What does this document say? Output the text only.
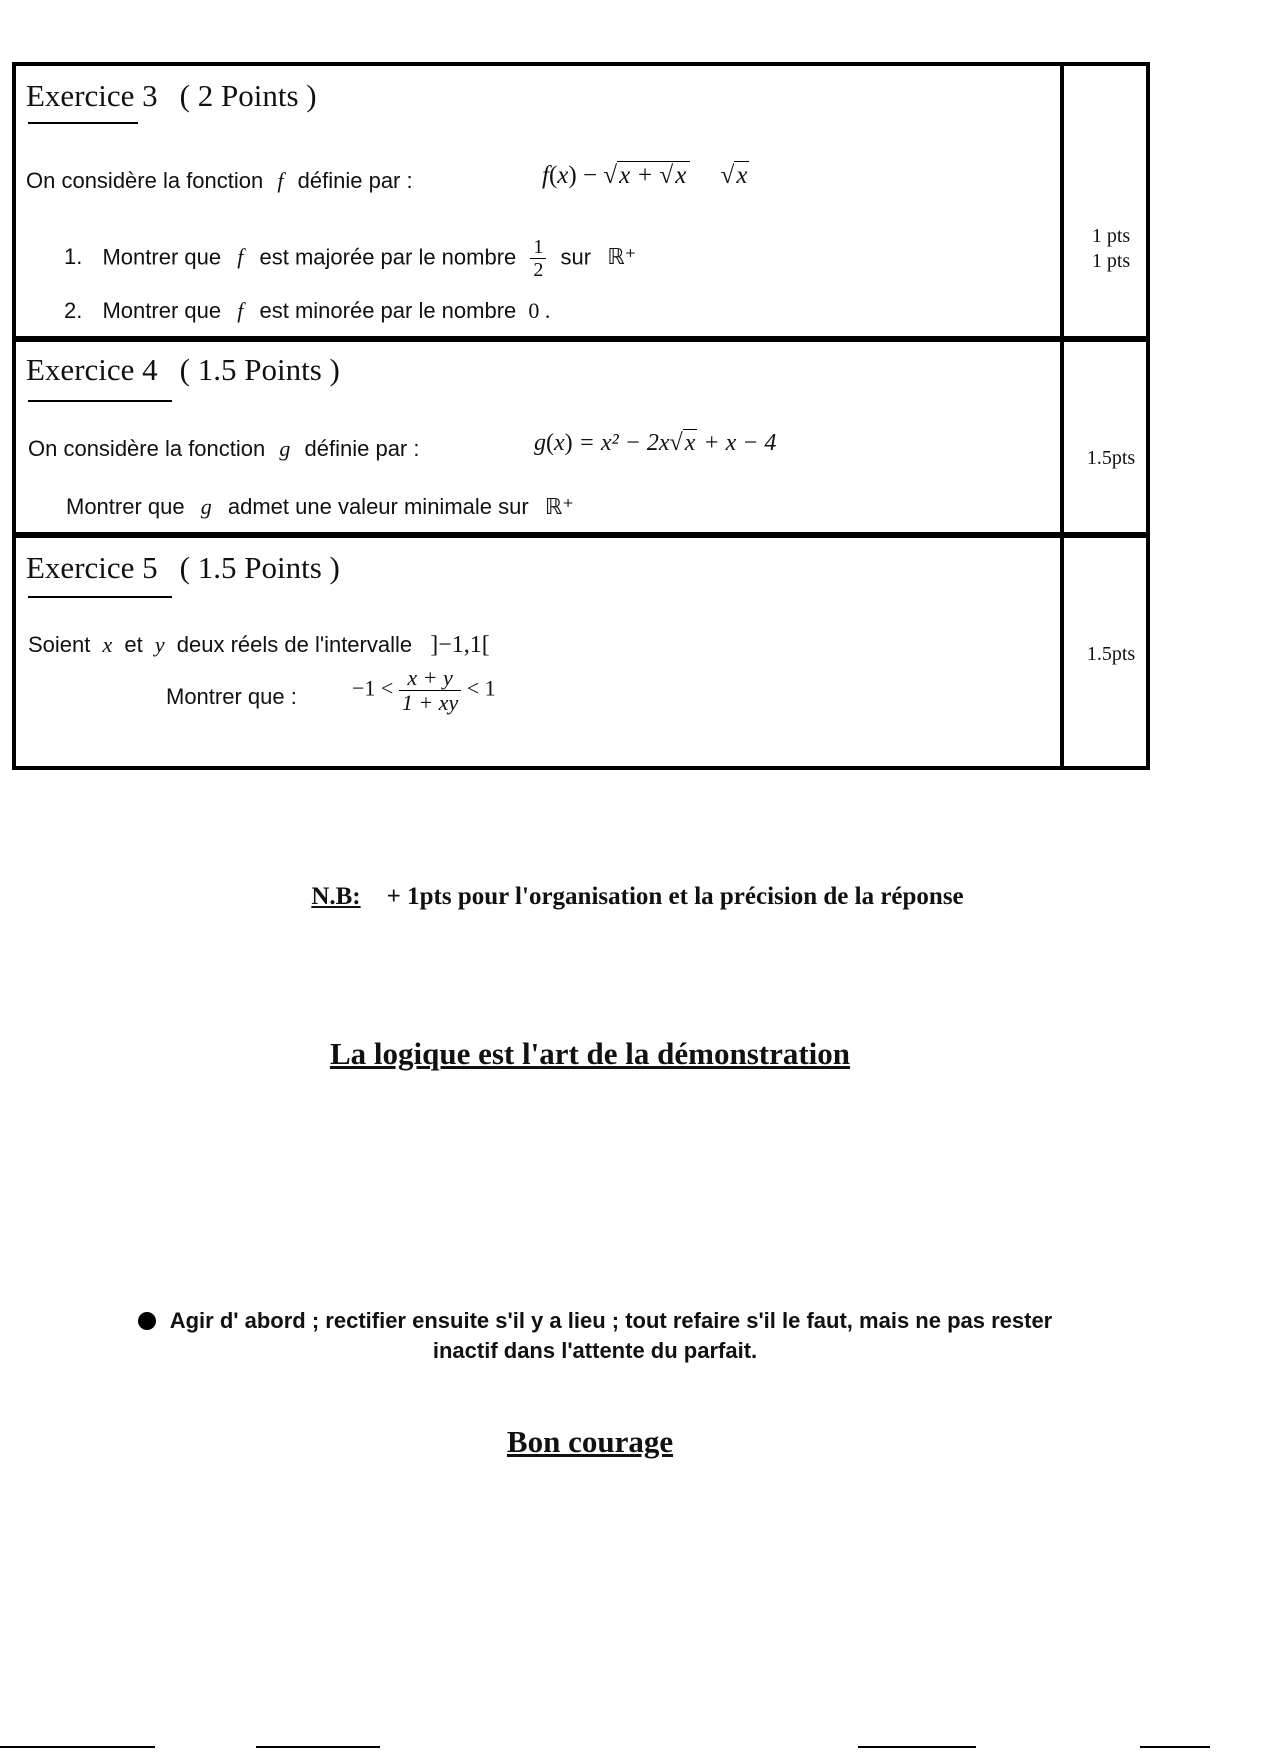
Exercice 3 ( 2 Points )
On considère la fonction f définie par :	f(x) − √x + √x √x
1. Montrer que f est majorée par le nombre $\frac{1}{2}$ sur ℝ⁺
2. Montrer que f est minorée par le nombre 0 .
1 pts
1 pts
Exercice 4 ( 1.5 Points )
On considère la fonction g définie par :	g(x) = x² − 2x√x + x − 4
Montrer que g admet une valeur minimale sur ℝ⁺
1.5pts
Exercice 5 ( 1.5 Points )
Soient x et y deux réels de l'intervalle ]−1,1[
Montrer que :	$-1 < \frac{x + y}{1 + xy} < 1$
1.5pts
N.B: + 1pts pour l'organisation et la précision de la réponse
La logique est l'art de la démonstration
Agir d' abord ; rectifier ensuite s'il y a lieu ; tout refaire s'il le faut, mais ne pas rester
inactif dans l'attente du parfait.
Bon courage
